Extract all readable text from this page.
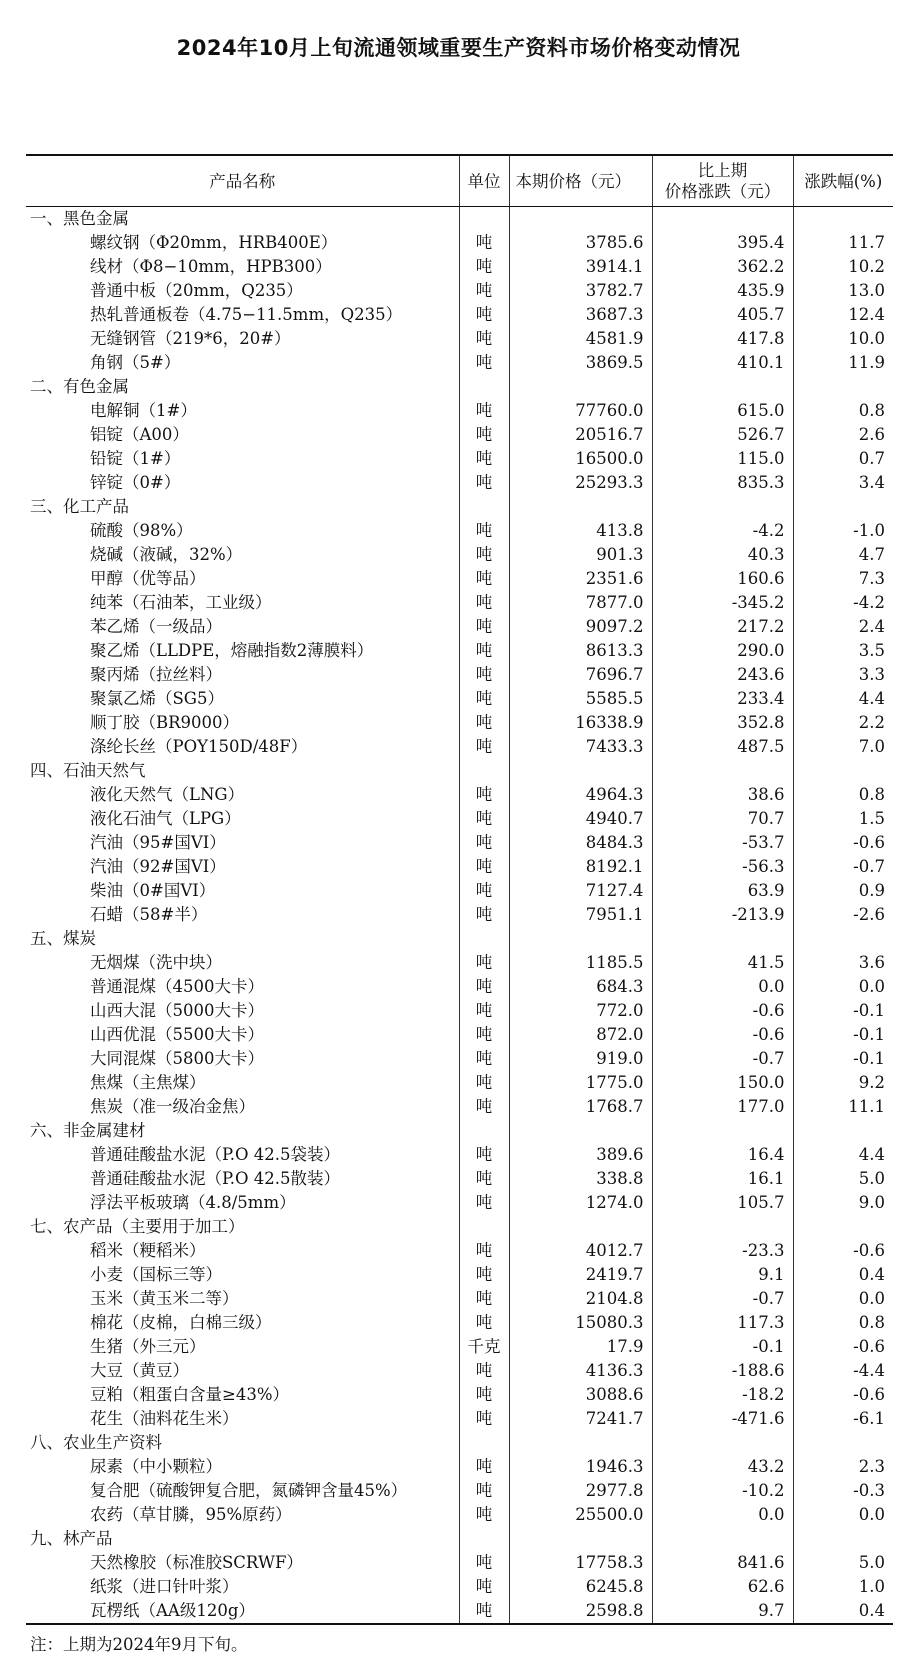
2024年10月上旬流通领域重要生产资料市场价格变动情况
产品名称	单位	本期价格（元）	比上期
价格涨跌（元）	涨跌幅(%)
一、黑色金属				
螺纹钢（Φ20mm，HRB400E）	吨	3785.6	395.4	11.7
线材（Φ8−10mm，HPB300）	吨	3914.1	362.2	10.2
普通中板（20mm，Q235）	吨	3782.7	435.9	13.0
热轧普通板卷（4.75−11.5mm，Q235）	吨	3687.3	405.7	12.4
无缝钢管（219*6，20#）	吨	4581.9	417.8	10.0
角钢（5#）	吨	3869.5	410.1	11.9
二、有色金属				
电解铜（1#）	吨	77760.0	615.0	0.8
铝锭（A00）	吨	20516.7	526.7	2.6
铅锭（1#）	吨	16500.0	115.0	0.7
锌锭（0#）	吨	25293.3	835.3	3.4
三、化工产品				
硫酸（98%）	吨	413.8	-4.2	-1.0
烧碱（液碱，32%）	吨	901.3	40.3	4.7
甲醇（优等品）	吨	2351.6	160.6	7.3
纯苯（石油苯，工业级）	吨	7877.0	-345.2	-4.2
苯乙烯（一级品）	吨	9097.2	217.2	2.4
聚乙烯（LLDPE，熔融指数2薄膜料）	吨	8613.3	290.0	3.5
聚丙烯（拉丝料）	吨	7696.7	243.6	3.3
聚氯乙烯（SG5）	吨	5585.5	233.4	4.4
顺丁胶（BR9000）	吨	16338.9	352.8	2.2
涤纶长丝（POY150D/48F）	吨	7433.3	487.5	7.0
四、石油天然气				
液化天然气（LNG）	吨	4964.3	38.6	0.8
液化石油气（LPG）	吨	4940.7	70.7	1.5
汽油（95#国VI）	吨	8484.3	-53.7	-0.6
汽油（92#国VI）	吨	8192.1	-56.3	-0.7
柴油（0#国VI）	吨	7127.4	63.9	0.9
石蜡（58#半）	吨	7951.1	-213.9	-2.6
五、煤炭				
无烟煤（洗中块）	吨	1185.5	41.5	3.6
普通混煤（4500大卡）	吨	684.3	0.0	0.0
山西大混（5000大卡）	吨	772.0	-0.6	-0.1
山西优混（5500大卡）	吨	872.0	-0.6	-0.1
大同混煤（5800大卡）	吨	919.0	-0.7	-0.1
焦煤（主焦煤）	吨	1775.0	150.0	9.2
焦炭（准一级冶金焦）	吨	1768.7	177.0	11.1
六、非金属建材				
普通硅酸盐水泥（P.O 42.5袋装）	吨	389.6	16.4	4.4
普通硅酸盐水泥（P.O 42.5散装）	吨	338.8	16.1	5.0
浮法平板玻璃（4.8/5mm）	吨	1274.0	105.7	9.0
七、农产品（主要用于加工）				
稻米（粳稻米）	吨	4012.7	-23.3	-0.6
小麦（国标三等）	吨	2419.7	9.1	0.4
玉米（黄玉米二等）	吨	2104.8	-0.7	0.0
棉花（皮棉，白棉三级）	吨	15080.3	117.3	0.8
生猪（外三元）	千克	17.9	-0.1	-0.6
大豆（黄豆）	吨	4136.3	-188.6	-4.4
豆粕（粗蛋白含量≥43%）	吨	3088.6	-18.2	-0.6
花生（油料花生米）	吨	7241.7	-471.6	-6.1
八、农业生产资料				
尿素（中小颗粒）	吨	1946.3	43.2	2.3
复合肥（硫酸钾复合肥，氮磷钾含量45%）	吨	2977.8	-10.2	-0.3
农药（草甘膦，95%原药）	吨	25500.0	0.0	0.0
九、林产品				
天然橡胶（标准胶SCRWF）	吨	17758.3	841.6	5.0
纸浆（进口针叶浆）	吨	6245.8	62.6	1.0
瓦楞纸（AA级120g）	吨	2598.8	9.7	0.4
注：上期为2024年9月下旬。
